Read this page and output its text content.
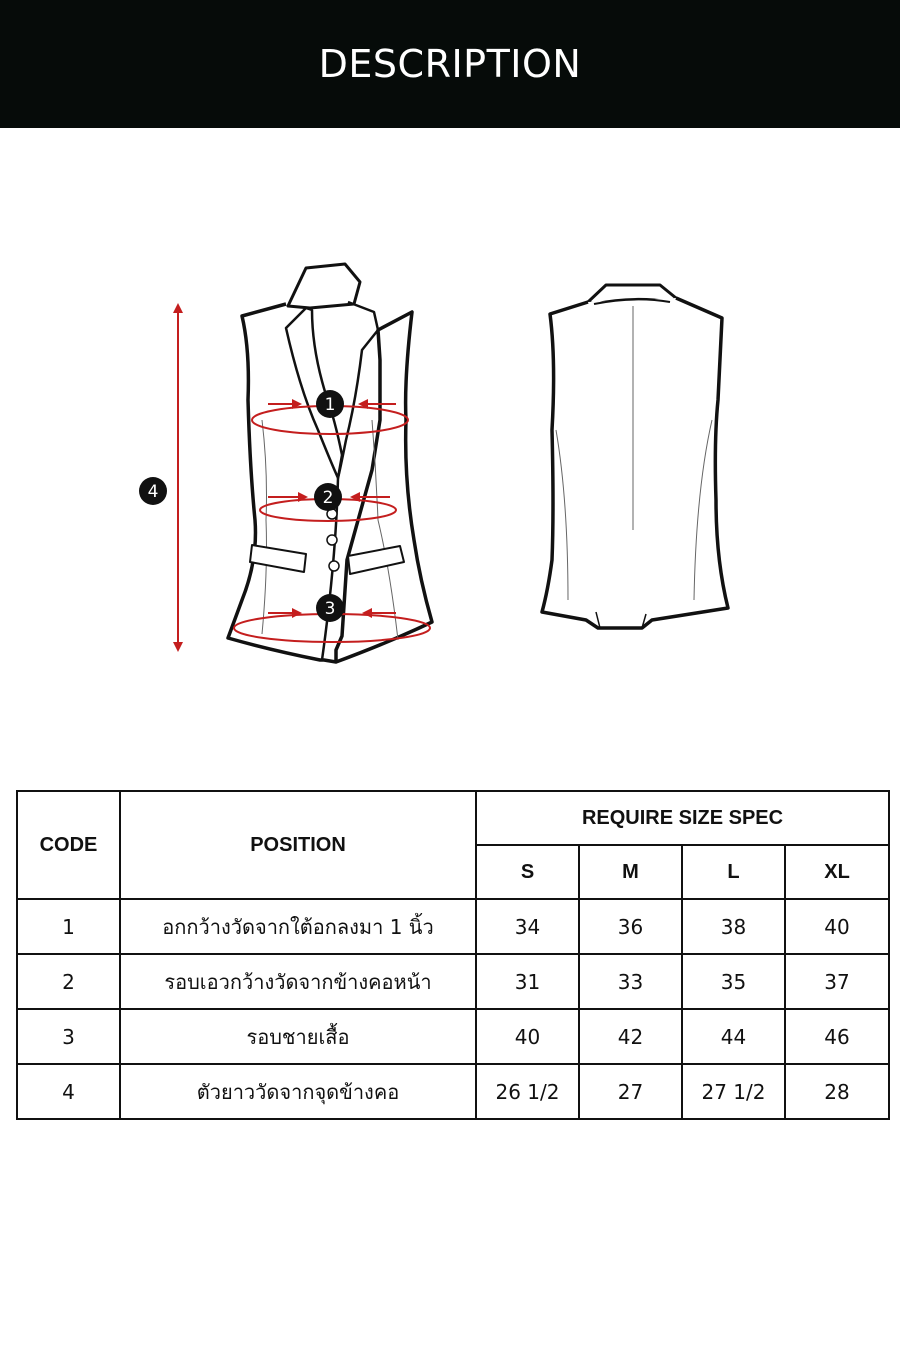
DESCRIPTION
1
2
3
4
CODE	POSITION	REQUIRE SIZE SPEC			
		S	M	L	XL
1	อกกว้างวัดจากใต้อกลงมา 1 นิ้ว	34	36	38	40
2	รอบเอวกว้างวัดจากข้างคอหน้า	31	33	35	37
3	รอบชายเสื้อ	40	42	44	46
4	ตัวยาววัดจากจุดข้างคอ	26 1/2	27	27 1/2	28
